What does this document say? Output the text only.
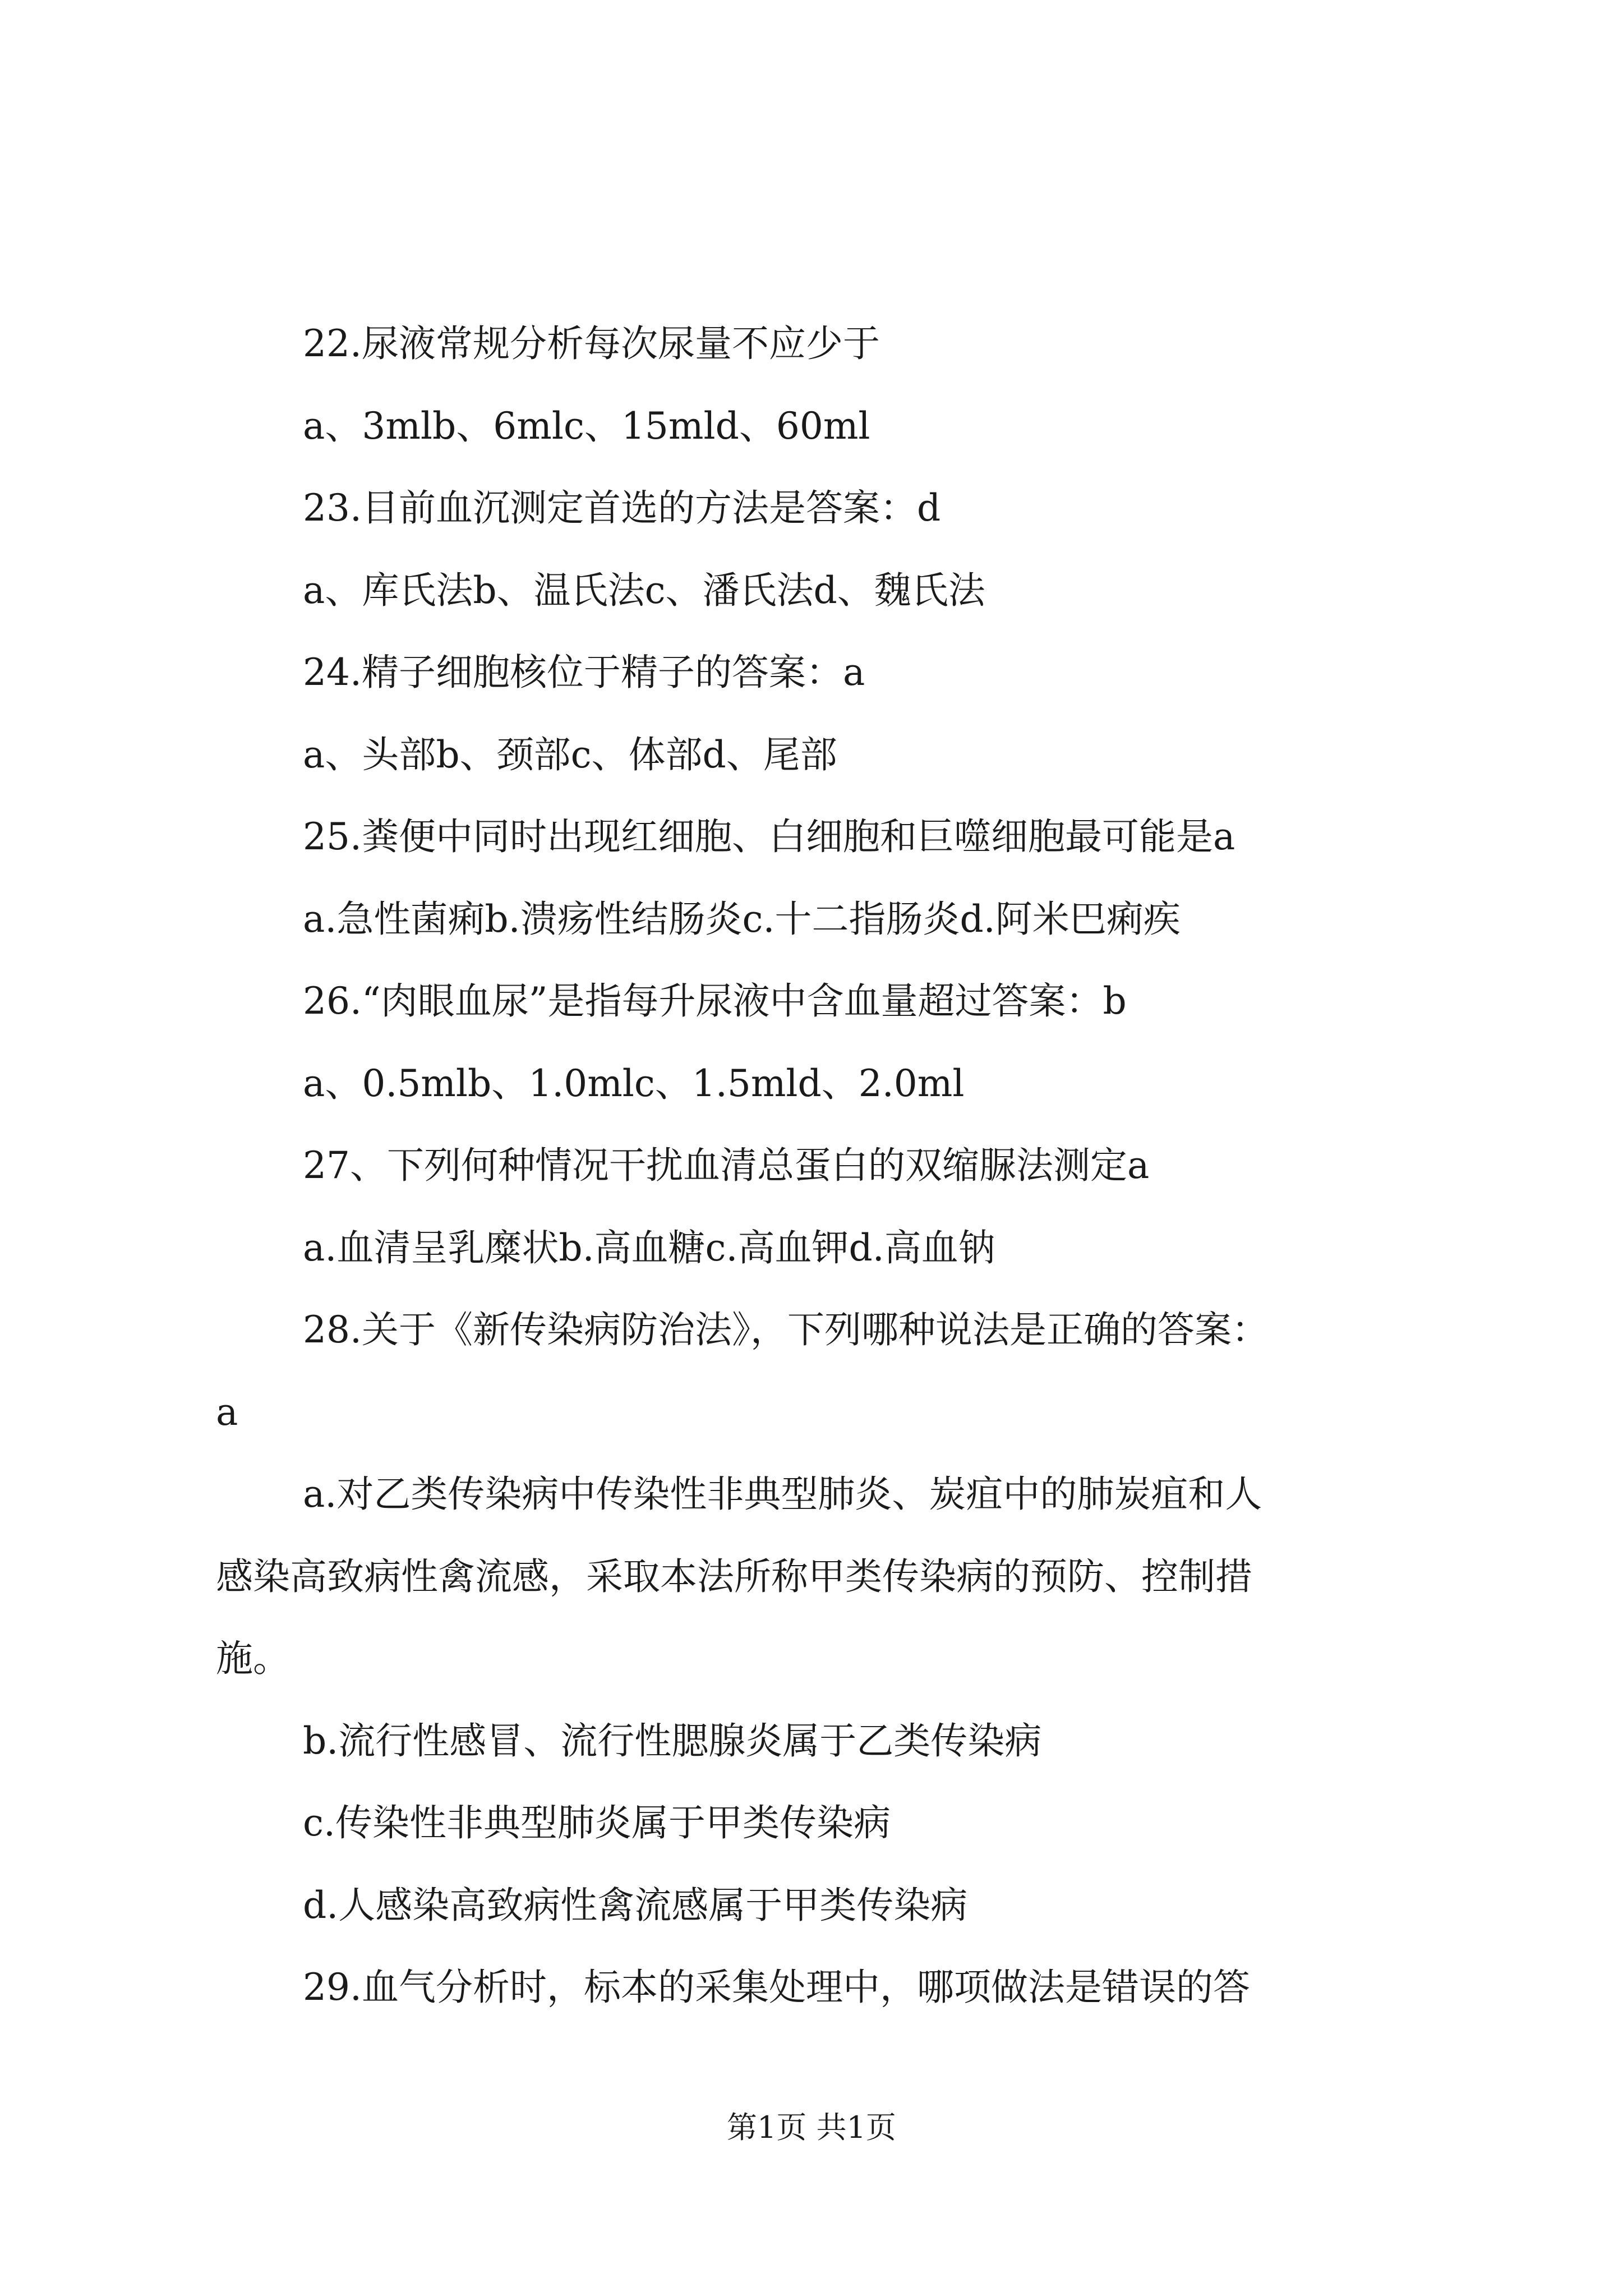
22.尿液常规分析每次尿量不应少于

a、3mlb、6mlc、15mld、60ml

23.目前血沉测定首选的方法是答案：d

a、库氏法b、温氏法c、潘氏法d、魏氏法

24.精子细胞核位于精子的答案：a

a、头部b、颈部c、体部d、尾部

25.粪便中同时出现红细胞、白细胞和巨噬细胞最可能是a

a.急性菌痢b.溃疡性结肠炎c.十二指肠炎d.阿米巴痢疾

26.“肉眼血尿”是指每升尿液中含血量超过答案：b

a、0.5mlb、1.0mlc、1.5mld、2.0ml

27、下列何种情况干扰血清总蛋白的双缩脲法测定a

a.血清呈乳糜状b.高血糖c.高血钾d.高血钠

28.关于《新传染病防治法》，下列哪种说法是正确的答案：

a

a.对乙类传染病中传染性非典型肺炎、炭疽中的肺炭疽和人

感染高致病性禽流感，采取本法所称甲类传染病的预防、控制措

施。

b.流行性感冒、流行性腮腺炎属于乙类传染病

c.传染性非典型肺炎属于甲类传染病

d.人感染高致病性禽流感属于甲类传染病

29.血气分析时，标本的采集处理中，哪项做法是错误的答

第1页 共1页
